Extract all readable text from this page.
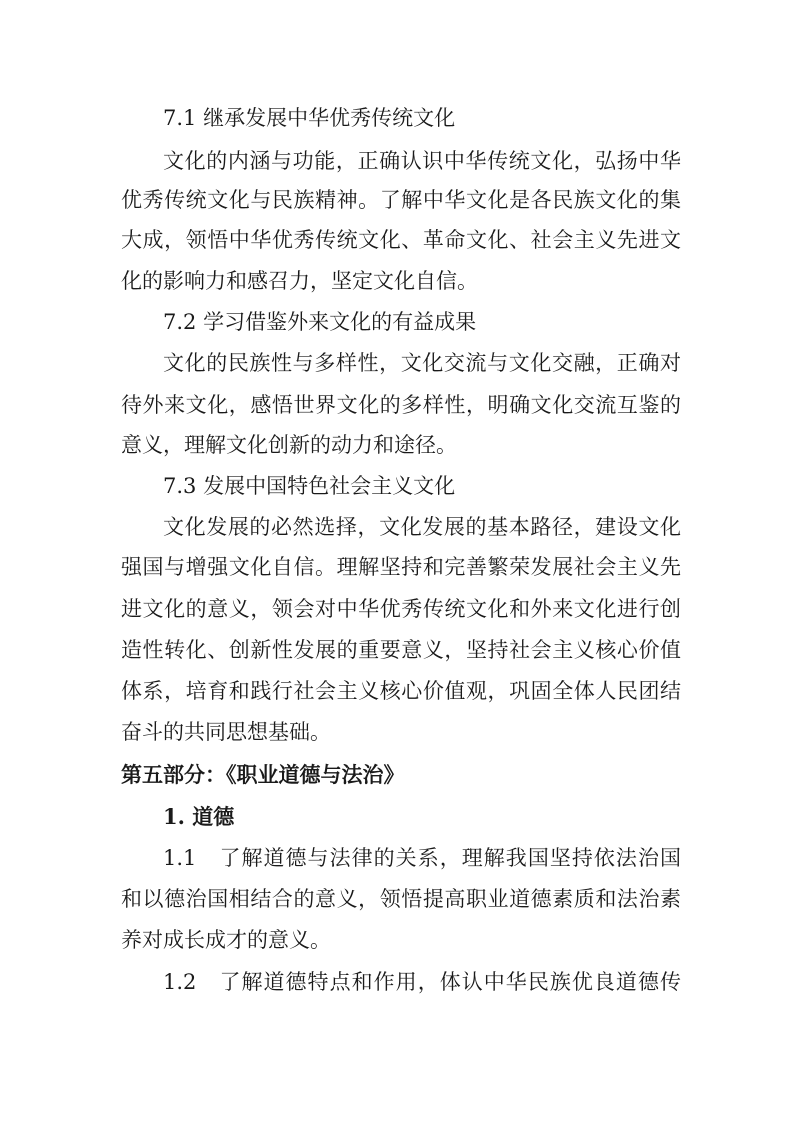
7.1 继承发展中华优秀传统文化
文化的内涵与功能，正确认识中华传统文化，弘扬中华
优秀传统文化与民族精神。了解中华文化是各民族文化的集
大成，领悟中华优秀传统文化、革命文化、社会主义先进文
化的影响力和感召力，坚定文化自信。
7.2 学习借鉴外来文化的有益成果
文化的民族性与多样性，文化交流与文化交融，正确对
待外来文化，感悟世界文化的多样性，明确文化交流互鉴的
意义，理解文化创新的动力和途径。
7.3 发展中国特色社会主义文化
文化发展的必然选择，文化发展的基本路径，建设文化
强国与增强文化自信。理解坚持和完善繁荣发展社会主义先
进文化的意义，领会对中华优秀传统文化和外来文化进行创
造性转化、创新性发展的重要意义，坚持社会主义核心价值
体系，培育和践行社会主义核心价值观，巩固全体人民团结
奋斗的共同思想基础。
第五部分：《职业道德与法治》
1. 道德
1.1　了解道德与法律的关系，理解我国坚持依法治国
和以德治国相结合的意义，领悟提高职业道德素质和法治素
养对成长成才的意义。
1.2　了解道德特点和作用，体认中华民族优良道德传
